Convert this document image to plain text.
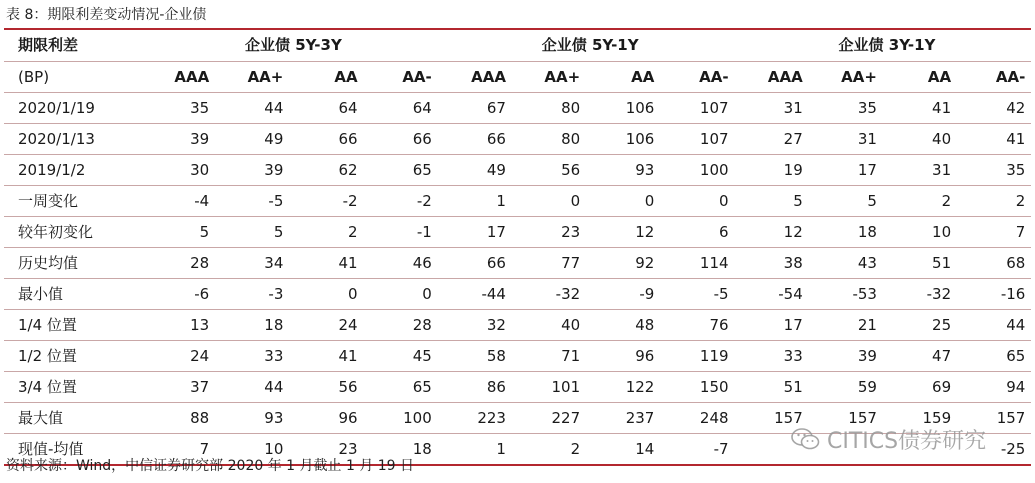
表 8：期限利差变动情况-企业债
期限利差	企业债 5Y-3Y				企业债 5Y-1Y				企业债 3Y-1Y			
(BP)	AAA	AA+	AA	AA-	AAA	AA+	AA	AA-	AAA	AA+	AA	AA-
2020/1/19	35	44	64	64	67	80	106	107	31	35	41	42
2020/1/13	39	49	66	66	66	80	106	107	27	31	40	41
2019/1/2	30	39	62	65	49	56	93	100	19	17	31	35
一周变化	-4	-5	-2	-2	1	0	0	0	5	5	2	2
较年初变化	5	5	2	-1	17	23	12	6	12	18	10	7
历史均值	28	34	41	46	66	77	92	114	38	43	51	68
最小值	-6	-3	0	0	-44	-32	-9	-5	-54	-53	-32	-16
1/4 位置	13	18	24	28	32	40	48	76	17	21	25	44
1/2 位置	24	33	41	45	58	71	96	119	33	39	47	65
3/4 位置	37	44	56	65	86	101	122	150	51	59	69	94
最大值	88	93	96	100	223	227	237	248	157	157	159	157
现值-均值	7	10	23	18	1	2	14	-7				-25
资料来源：Wind，中信证券研究部 2020 年 1 月截止 1 月 19 日
CITICS债券研究
